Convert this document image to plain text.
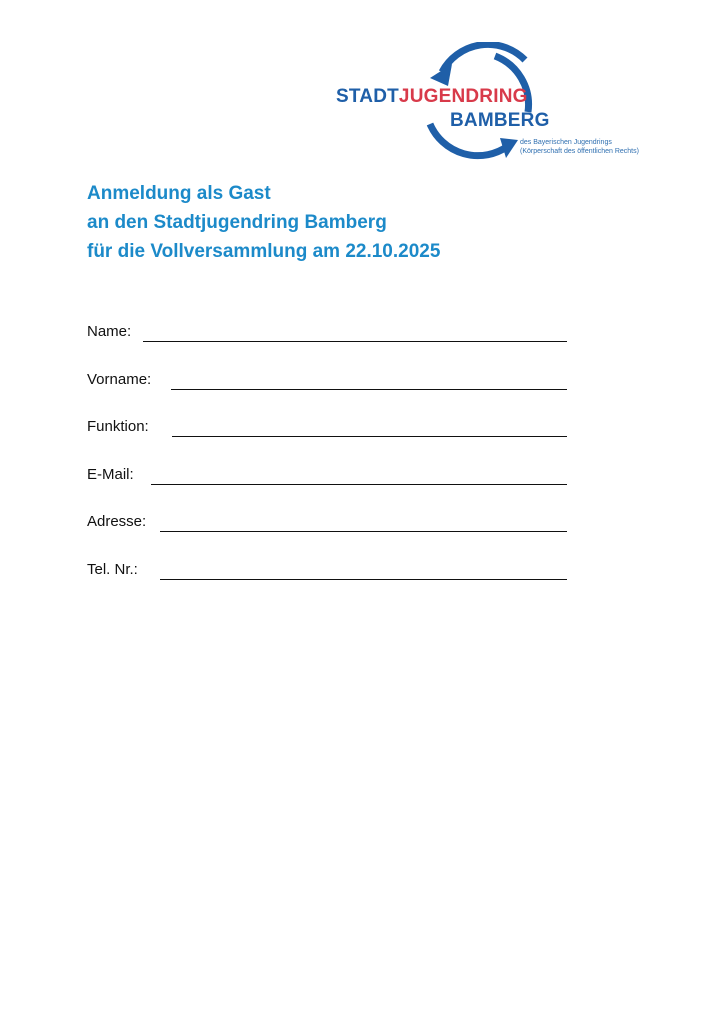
STADTJUGENDRING
BAMBERG
des Bayerischen Jugendrings
(Körperschaft des öffentlichen Rechts)
Anmeldung als Gast
an den Stadtjugendring Bamberg
für die Vollversammlung am 22.10.2025
Name:
Vorname:
Funktion:
E-Mail:
Adresse:
Tel. Nr.:
